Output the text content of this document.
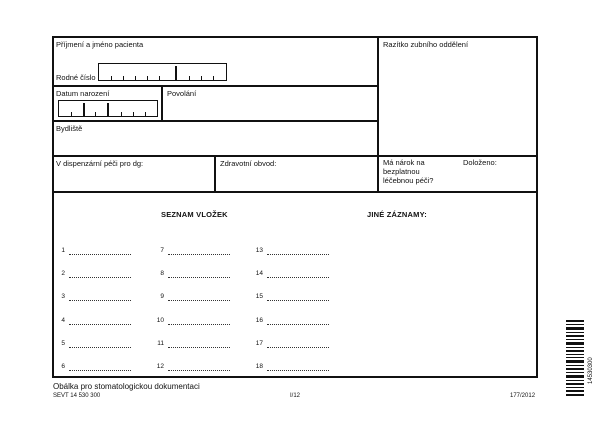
Příjmení a jméno pacienta
Rodné číslo
Razítko zubního oddělení
Datum narození	Povolání
Bydliště
V dispenzární péči pro dg:	Zdravotní obvod:	Má nárok na bezplatnou léčebnou péči?
Doloženo:
SEZNAM VLOŽEK	JINÉ ZÁZNAMY:
1
2
3
4
5
6
7
8
9
10
11
12
13
14
15
16
17
18
Obálka pro stomatologickou dokumentaci
SEVT 14 530 300	I/12	177/2012
14530300
